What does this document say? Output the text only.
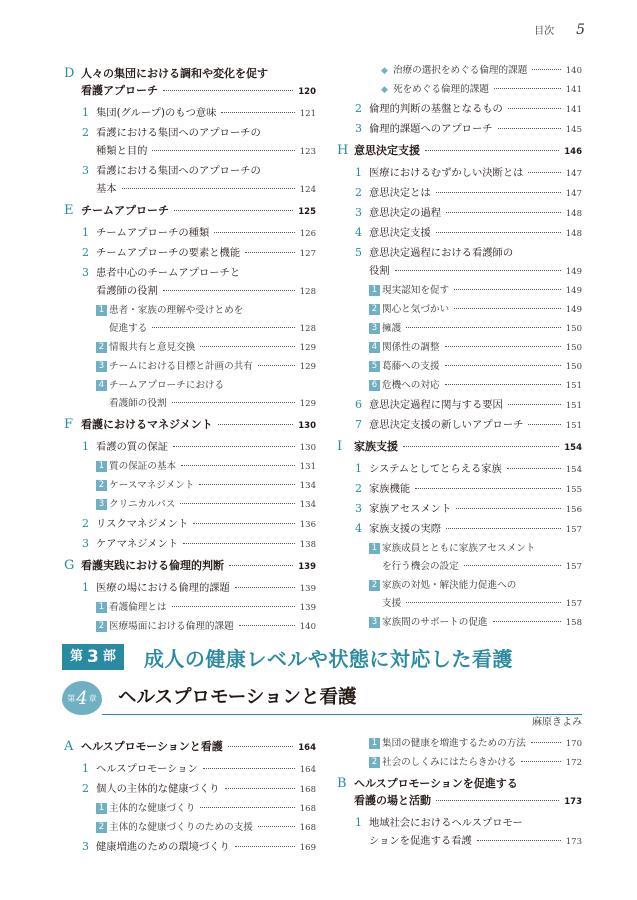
目次 5
D 人々の集団における調和や変化を促す
看護アプローチ	120
1 集団(グループ)のもつ意味	121
2 看護における集団へのアプローチの
種類と目的	123
3 看護における集団へのアプローチの
基本	124
E チームアプローチ	125
1 チームアプローチの種類	126
2 チームアプローチの要素と機能	127
3 患者中心のチームアプローチと
看護師の役割	128
1 患者・家族の理解や受けとめを
促進する	128
2 情報共有と意見交換	129
3 チームにおける目標と計画の共有	129
4 チームアプローチにおける
看護師の役割	129
F 看護におけるマネジメント	130
1 看護の質の保証	130
1 質の保証の基本	131
2 ケースマネジメント	134
3 クリニカルパス	134
2 リスクマネジメント	136
3 ケアマネジメント	138
G 看護実践における倫理的判断	139
1 医療の場における倫理的課題	139
1 看護倫理とは	139
2 医療場面における倫理的課題	140
◆ 治療の選択をめぐる倫理的課題	140
◆ 死をめぐる倫理的課題	141
2 倫理的判断の基盤となるもの	141
3 倫理的課題へのアプローチ	145
H 意思決定支援	146
1 医療におけるむずかしい決断とは	147
2 意思決定とは	147
3 意思決定の過程	148
4 意思決定支援	148
5 意思決定過程における看護師の
役割	149
1 現実認知を促す	149
2 関心と気づかい	149
3 擁護	150
4 関係性の調整	150
5 葛藤への支援	150
6 危機への対応	151
6 意思決定過程に関与する要因	151
7 意思決定支援の新しいアプローチ	151
I	家族支援	154
1 システムとしてとらえる家族	154
2 家族機能	155
3 家族アセスメント	156
4 家族支援の実際	157
1 家族成員とともに家族アセスメント
を行う機会の設定	157
2 家族の対処・解決能力促進への
支援	157
3 家族間のサポートの促進	158
第 3 部 成人の健康レベルや状態に対応した看護
第 4 章 ヘルスプロモーションと看護
麻原きよみ
A ヘルスプロモーションと看護	164
1 ヘルスプロモーション	164
2 個人の主体的な健康づくり	168
1 主体的な健康づくり	168
2 主体的な健康づくりのための支援	168
3 健康増進のための環境づくり	169
1 集団の健康を増進するための方法	170
2 社会のしくみにはたらきかける	172
B ヘルスプロモーションを促進する
看護の場と活動	173
1 地域社会におけるヘルスプロモー
ションを促進する看護	173
